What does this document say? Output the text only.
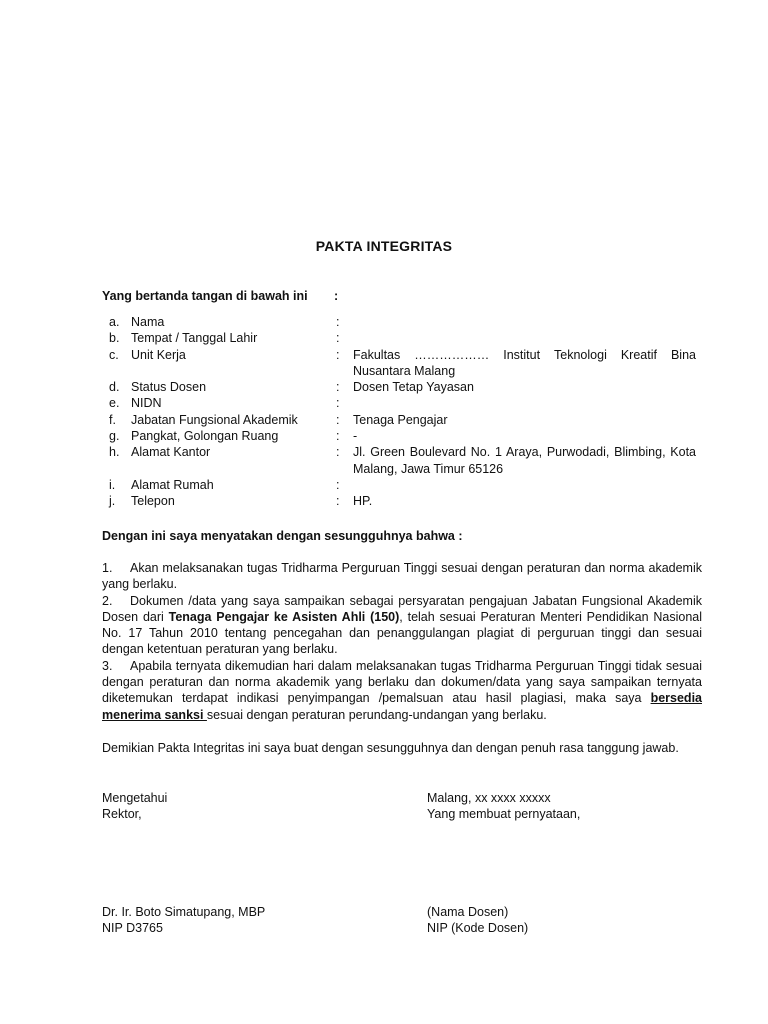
PAKTA INTEGRITAS
Yang bertanda tangan di bawah ini :
a. Nama	:
b. Tempat / Tanggal Lahir	:
c. Unit Kerja	:	Fakultas ……………… Institut Teknologi Kreatif Bina
Nusantara Malang
d. Status Dosen	:	Dosen Tetap Yayasan
e. NIDN	:
f.	Jabatan Fungsional Akademik	:	Tenaga Pengajar
g. Pangkat, Golongan Ruang	:	-
h. Alamat Kantor	:	Jl. Green Boulevard No. 1 Araya, Purwodadi, Blimbing, Kota Malang, Jawa Timur 65126
i.	Alamat Rumah	:
j.	Telepon	:	HP.
Dengan ini saya menyatakan dengan sesungguhnya bahwa :
1. Akan melaksanakan tugas Tridharma Perguruan Tinggi sesuai dengan peraturan dan norma akademik yang berlaku.
2. Dokumen /data yang saya sampaikan sebagai persyaratan pengajuan Jabatan Fungsional Akademik Dosen dari Tenaga Pengajar ke Asisten Ahli (150), telah sesuai Peraturan Menteri Pendidikan Nasional No. 17 Tahun 2010 tentang pencegahan dan penanggulangan plagiat di perguruan tinggi dan sesuai dengan ketentuan peraturan yang berlaku.
3. Apabila ternyata dikemudian hari dalam melaksanakan tugas Tridharma Perguruan Tinggi tidak sesuai dengan peraturan dan norma akademik yang berlaku dan dokumen/data yang saya sampaikan ternyata diketemukan terdapat indikasi penyimpangan /pemalsuan atau hasil plagiasi, maka saya bersedia menerima sanksi sesuai dengan peraturan perundang-undangan yang berlaku.
Demikian Pakta Integritas ini saya buat dengan sesungguhnya dan dengan penuh rasa tanggung jawab.
Mengetahui
Rektor,
Malang, xx xxxx xxxxx
Yang membuat pernyataan,
Dr. Ir. Boto Simatupang, MBP
NIP D3765
(Nama Dosen)
NIP (Kode Dosen)
